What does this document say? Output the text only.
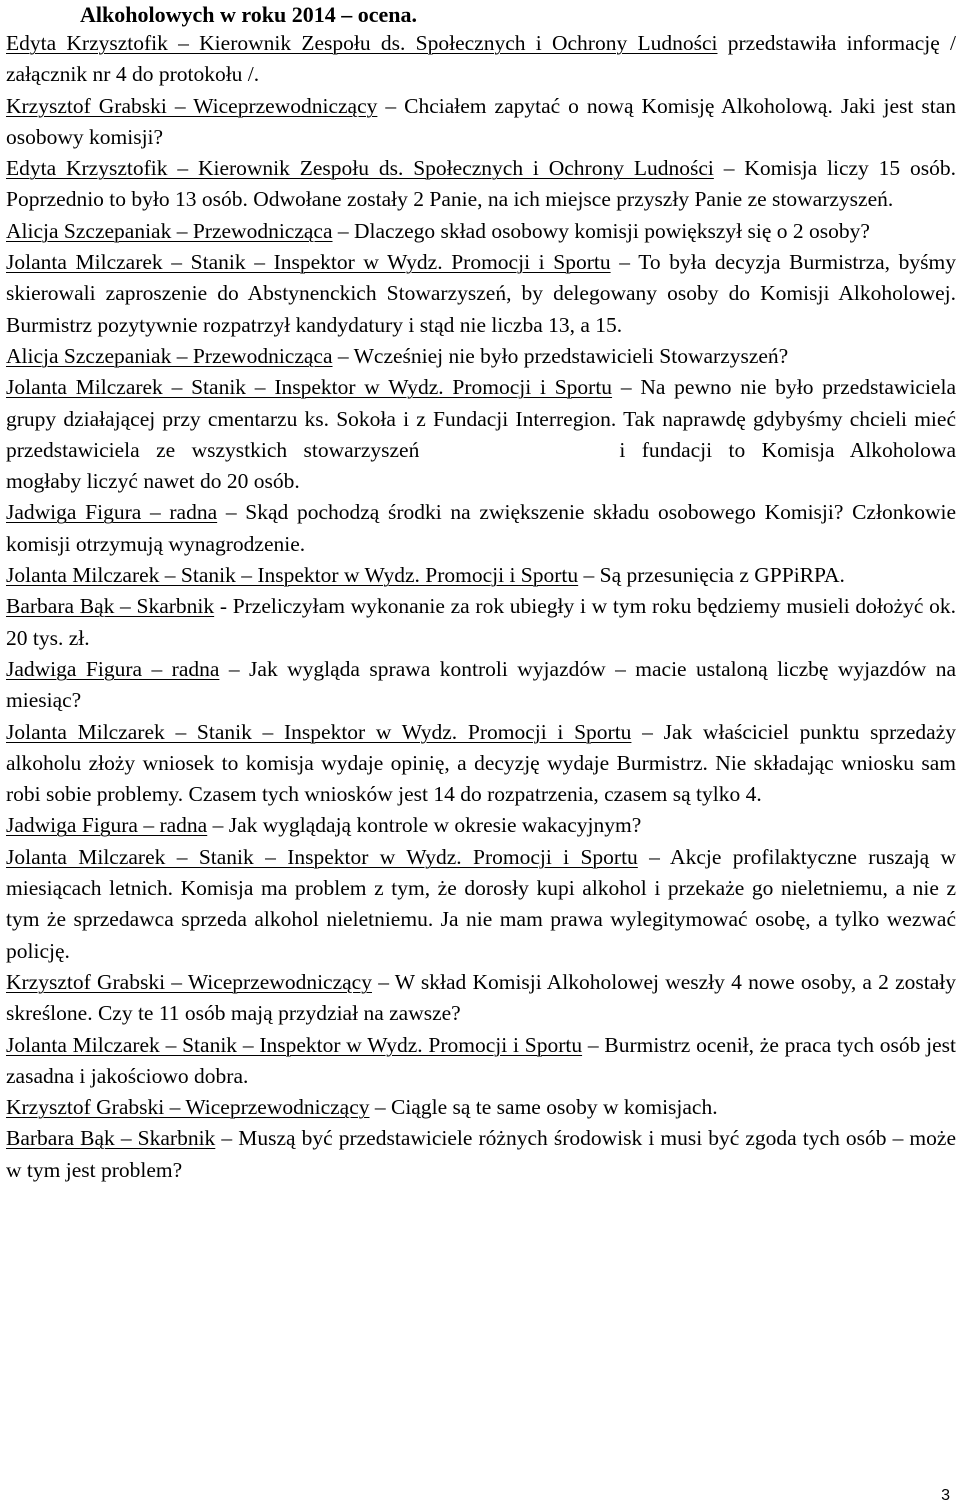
Alkoholowych w roku 2014 – ocena.

Edyta Krzysztofik – Kierownik Zespołu ds. Społecznych i Ochrony Ludności przedstawiła informację / załącznik nr 4 do protokołu /.

Krzysztof Grabski – Wiceprzewodniczący – Chciałem zapytać o nową Komisję Alkoholową. Jaki jest stan osobowy komisji?

Edyta Krzysztofik – Kierownik Zespołu ds. Społecznych i Ochrony Ludności – Komisja liczy 15 osób. Poprzednio to było 13 osób. Odwołane zostały 2 Panie, na ich miejsce przyszły Panie ze stowarzyszeń.

Alicja Szczepaniak – Przewodnicząca – Dlaczego skład osobowy komisji powiększył się o 2 osoby?

Jolanta Milczarek – Stanik – Inspektor w Wydz. Promocji i Sportu – To była decyzja Burmistrza, byśmy skierowali zaproszenie do Abstynenckich Stowarzyszeń, by delegowany osoby do Komisji Alkoholowej. Burmistrz pozytywnie rozpatrzył kandydatury i stąd nie liczba 13, a 15.

Alicja Szczepaniak – Przewodnicząca – Wcześniej nie było przedstawicieli Stowarzyszeń?

Jolanta Milczarek – Stanik – Inspektor w Wydz. Promocji i Sportu – Na pewno nie było przedstawiciela grupy działającej przy cmentarzu ks. Sokoła i z Fundacji Interregion. Tak naprawdę gdybyśmy chcieli mieć przedstawiciela ze wszystkich stowarzyszeń	i fundacji to Komisja Alkoholowa mogłaby liczyć nawet do 20 osób.

Jadwiga Figura – radna – Skąd pochodzą środki na zwiększenie składu osobowego Komisji? Członkowie komisji otrzymują wynagrodzenie.

Jolanta Milczarek – Stanik – Inspektor w Wydz. Promocji i Sportu – Są przesunięcia z GPPiRPA.

Barbara Bąk – Skarbnik - Przeliczyłam wykonanie za rok ubiegły i w tym roku będziemy musieli dołożyć ok. 20 tys. zł.

Jadwiga Figura – radna – Jak wygląda sprawa kontroli wyjazdów – macie ustaloną liczbę wyjazdów na miesiąc?

Jolanta Milczarek – Stanik – Inspektor w Wydz. Promocji i Sportu – Jak właściciel punktu sprzedaży alkoholu złoży wniosek to komisja wydaje opinię, a decyzję wydaje Burmistrz. Nie składając wniosku sam robi sobie problemy. Czasem tych wniosków jest 14 do rozpatrzenia, czasem są tylko 4.

Jadwiga Figura – radna – Jak wyglądają kontrole w okresie wakacyjnym?

Jolanta Milczarek – Stanik – Inspektor w Wydz. Promocji i Sportu – Akcje profilaktyczne ruszają w miesiącach letnich. Komisja ma problem z tym, że dorosły kupi alkohol i przekaże go nieletniemu, a nie z tym że sprzedawca sprzeda alkohol nieletniemu. Ja nie mam prawa wylegitymować osobę, a tylko wezwać policję.

Krzysztof Grabski – Wiceprzewodniczący – W skład Komisji Alkoholowej weszły 4 nowe osoby, a 2 zostały skreślone. Czy te 11 osób mają przydział na zawsze?

Jolanta Milczarek – Stanik – Inspektor w Wydz. Promocji i Sportu – Burmistrz ocenił, że praca tych osób jest zasadna i jakościowo dobra.

Krzysztof Grabski – Wiceprzewodniczący – Ciągle są te same osoby w komisjach.

Barbara Bąk – Skarbnik – Muszą być przedstawiciele różnych środowisk i musi być zgoda tych osób – może w tym jest problem?

3
